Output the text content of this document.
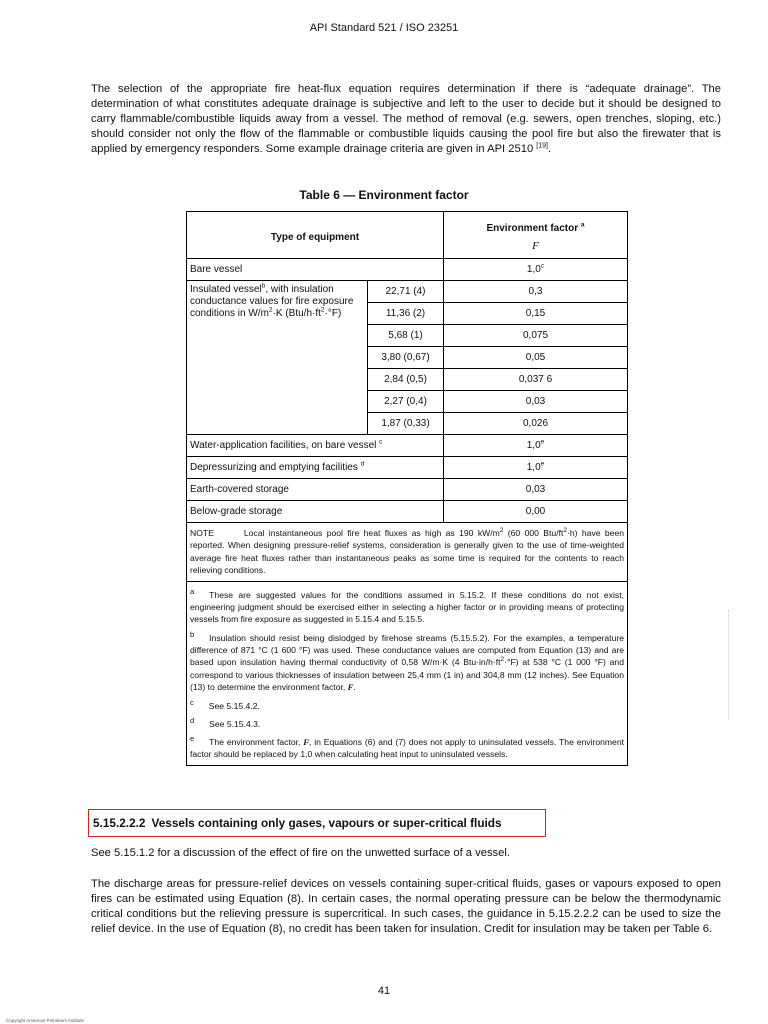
API Standard 521 / ISO 23251
The selection of the appropriate fire heat-flux equation requires determination if there is “adequate drainage”. The determination of what constitutes adequate drainage is subjective and left to the user to decide but it should be designed to carry flammable/combustible liquids away from a vessel. The method of removal (e.g. sewers, open trenches, sloping, etc.) should consider not only the flow of the flammable or combustible liquids causing the pool fire but also the firewater that is applied by emergency responders. Some example drainage criteria are given in API 2510 [19].
Table 6 — Environment factor
Type of equipment		Environment factor $^a$
F

Bare vessel		1,0$^c$
Insulated vessel$^b$, with insulation conductance values for fire exposure conditions in $W/m^2\cdot K$ $(Btu/h\cdot ft^2\cdot^\circ F)$	22,71 (4)	0,3
	11,36 (2)	0,15
	5,68 (1)	0,075
	3,80 (0,67)	0,05
	2,84 (0,5)	0,037 6
	2,27 (0,4)	0,03
	1,87 (0,33)	0,026
Water-application facilities, on bare vessel $^c$		1,0e
Depressurizing and emptying facilities $^d$		1,0e
Earth-covered storage		0,03
Below-grade storage		0,00
NOTE Local instantaneous pool fire heat fluxes as high as 190 $kW/m^2$ (60 000 Btu/$ft^2\cdot h$) have been reported. When designing pressure-relief systems, consideration is generally given to the use of time-weighted average fire heat fluxes rather than instantaneous peaks as some time is required for the contents to reach relieving conditions.		

a These are suggested values for the conditions assumed in 5.15.2. If these conditions do not exist, engineering judgment should be exercised either in selecting a higher factor or in providing means of protecting vessels from fire exposure as suggested in 5.15.4 and 5.15.5.
b Insulation should resist being dislodged by firehose streams (5.15.5.2). For the examples, a temperature difference of 871 °C (1 600 °F) was used. These conductance values are computed from Equation (13) and are based upon insulation having thermal conductivity of 0,58 W/m·K (4 $Btu\cdot in/h\cdot ft^2\cdot^\circ F$) at 538 °C (1 000 °F) and correspond to various thicknesses of insulation between 25,4 mm (1 in) and 304,8 mm (12 inches). See Equation (13) to determine the environment factor, F.
c See 5.15.4.2.
d See 5.15.4.3.
e The environment factor, F, in Equations (6) and (7) does not apply to uninsulated vessels. The environment factor should be replaced by 1,0 when calculating heat input to uninsulated vessels.		
5.15.2.2.2 Vessels containing only gases, vapours or super-critical fluids
See 5.15.1.2 for a discussion of the effect of fire on the unwetted surface of a vessel.
The discharge areas for pressure-relief devices on vessels containing super-critical fluids, gases or vapours exposed to open fires can be estimated using Equation (8). In certain cases, the normal operating pressure can be below the thermodynamic critical conditions but the relieving pressure is supercritical. In such cases, the guidance in 5.15.2.2.2 can be used to size the relief device. In the use of Equation (8), no credit has been taken for insulation. Credit for insulation may be taken per Table 6.
41
Copyright American Petroleum Institute
